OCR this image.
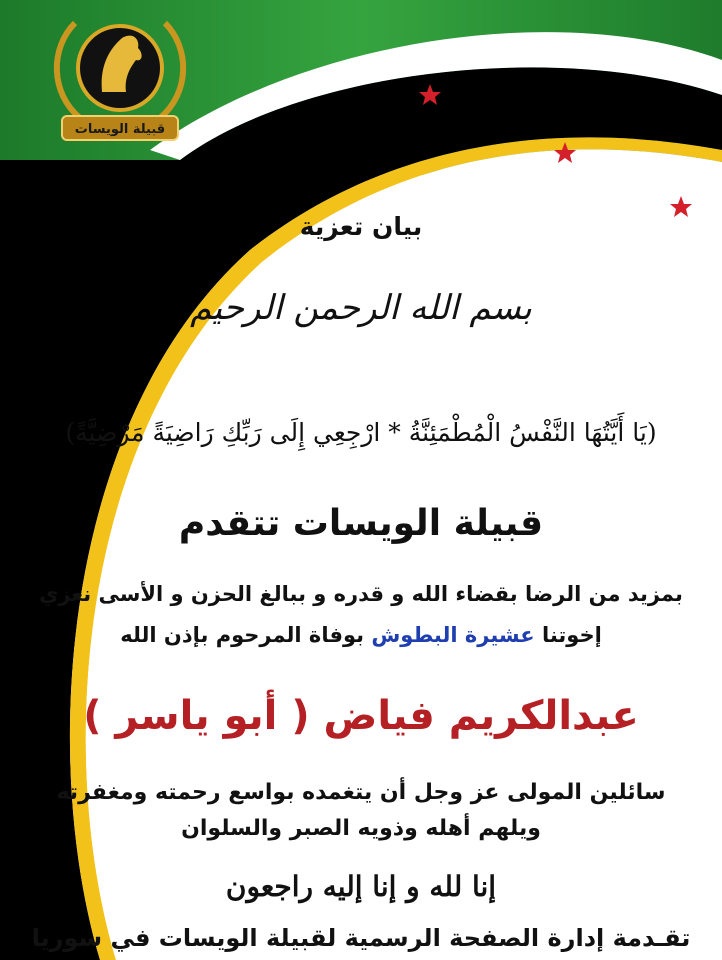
قبيلة الويسات
بيان تعزية
بسم الله الرحمن الرحيم
(يَا أَيَّتُهَا النَّفْسُ الْمُطْمَئِنَّةُ * ارْجِعِي إِلَى رَبِّكِ رَاضِيَةً مَرْضِيَّةً)
قبيلة الويسات تتقدم
بمزيد من الرضا بقضاء الله و قدره و ببالغ الحزن و الأسى نعزي
إخوتنا عشيرة البطوش بوفاة المرحوم بإذن الله
عبدالكريم فياض ( أبو ياسر )
سائلين المولى عز وجل أن يتغمده بواسع رحمته ومغفرته
ويلهم أهله وذويه الصبر والسلوان
إنا لله و إنا إليه راجعون
تقـدمة إدارة الصفحة الرسمية لقبيلة الويسات في سوريا
